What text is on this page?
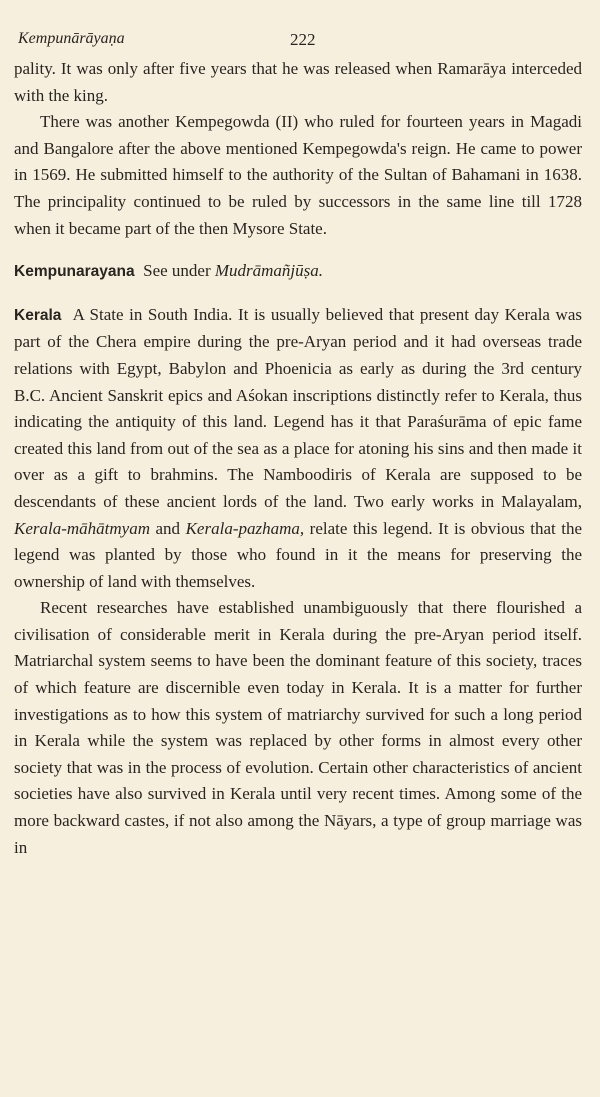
Kempunārāyaṇa	222

pality. It was only after five years that he was released when Ramarāya interceded with the king.

There was another Kempegowda (II) who ruled for fourteen years in Magadi and Bangalore after the above mentioned Kempegowda's reign. He came to power in 1569. He submitted himself to the authority of the Sultan of Bahamani in 1638. The principality continued to be ruled by successors in the same line till 1728 when it became part of the then Mysore State.

Kempunarayana See under Mudrāmañjūṣa.

Kerala A State in South India. It is usually believed that present day Kerala was part of the Chera empire during the pre-Aryan period and it had overseas trade relations with Egypt, Babylon and Phoenicia as early as during the 3rd century B.C. Ancient Sanskrit epics and Aśokan inscriptions distinctly refer to Kerala, thus indicating the antiquity of this land. Legend has it that Paraśurāma of epic fame created this land from out of the sea as a place for atoning his sins and then made it over as a gift to brahmins. The Namboodiris of Kerala are supposed to be descendants of these ancient lords of the land. Two early works in Malayalam, Kerala-māhātmyam and Kerala-pazhama, relate this legend. It is obvious that the legend was planted by those who found in it the means for preserving the ownership of land with themselves.

Recent researches have established unambiguously that there flourished a civilisation of considerable merit in Kerala during the pre-Aryan period itself. Matriarchal system seems to have been the dominant feature of this society, traces of which feature are discernible even today in Kerala. It is a matter for further investigations as to how this system of matriarchy survived for such a long period in Kerala while the system was replaced by other forms in almost every other society that was in the process of evolution. Certain other characteristics of ancient societies have also survived in Kerala until very recent times. Among some of the more backward castes, if not also among the Nāyars, a type of group marriage was in
